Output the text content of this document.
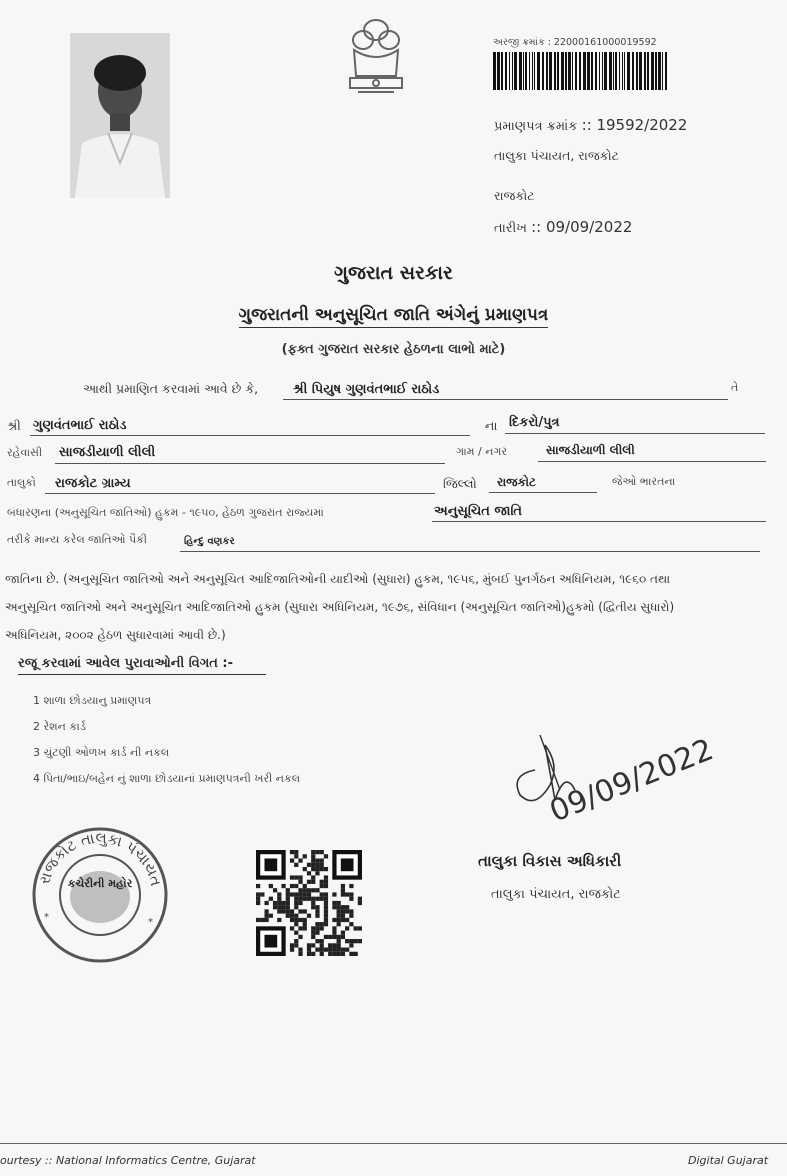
અરજી ક્રમાંક : 22000161000019592
પ્રમાણપત્ર ક્રમાંક :: 19592/2022
તાલુકા પંચાયત, રાજકોટ
રાજકોટ
તારીખ :: 09/09/2022
ગુજરાત સરકાર
ગુજરાતની અનુસૂચિત જાતિ અંગેનું પ્રમાણપત્ર
(ફક્ત ગુજરાત સરકાર હેઠળના લાભો માટે)
આથી પ્રમાણિત કરવામાં આવે છે કે,	શ્રી પિયુષ ગુણવંતભાઈ રાઠોડ	તે
શ્રી ગુણવંતભાઈ રાઠોડ	ના દિકરો/પુત્ર
રહેવાસી	સાજડીયાળી લીલી	ગામ / નગર	સાજડીયાળી લીલી
તાલુકો	રાજકોટ ગ્રામ્ય	જિલ્લો	રાજકોટ	જેઓ ભારતના
બંધારણના (અનુસૂચિત જાતિઓ) હુકમ - ૧૯૫૦, હેઠળ ગુજરાત રાજ્યમાં	અનુસૂચિત જાતિ
તરીકે માન્ય કરેલ જાતિઓ પૈકી	હિન્દુ વણકર
જાતિના છે. (અનુસૂચિત જાતિઓ અને અનુસૂચિત આદિજાતિઓની યાદીઓ (સુધારા) હુકમ, ૧૯૫૬, મુંબઈ પુનર્ગઠન અધિનિયમ, ૧૯૬૦ તથા
અનુસૂચિત જાતિઓ અને અનુસૂચિત આદિજાતિઓ હુકમ (સુધારા અધિનિયમ, ૧૯૭૬, સંવિધાન (અનુસૂચિત જાતિઓ)હુકમો (દ્વિતીય સુધારો)
અધિનિયમ, ૨૦૦૨ હેઠળ સુધારવામાં આવી છે.)
રજૂ કરવામાં આવેલ પુરાવાઓની વિગત :-
1 શાળા છોડયાનુ પ્રમાણપત્ર
2 રેશન કાર્ડ
3 ચુંટણી ઓળખ કાર્ડ ની નકલ
4 પિતા/ભાઇ/બહેન નું શાળા છોડયાનાં પ્રમાણપત્રની ખરી નકલ
રાજકોટ તાલુકા પંચાયત
કચેરીની મહોર
*	*
09/09/2022
તાલુકા વિકાસ અધિકારી
તાલુકા પંચાયત, રાજકોટ
ourtesy :: National Informatics Centre, Gujarat	Digital Gujarat
